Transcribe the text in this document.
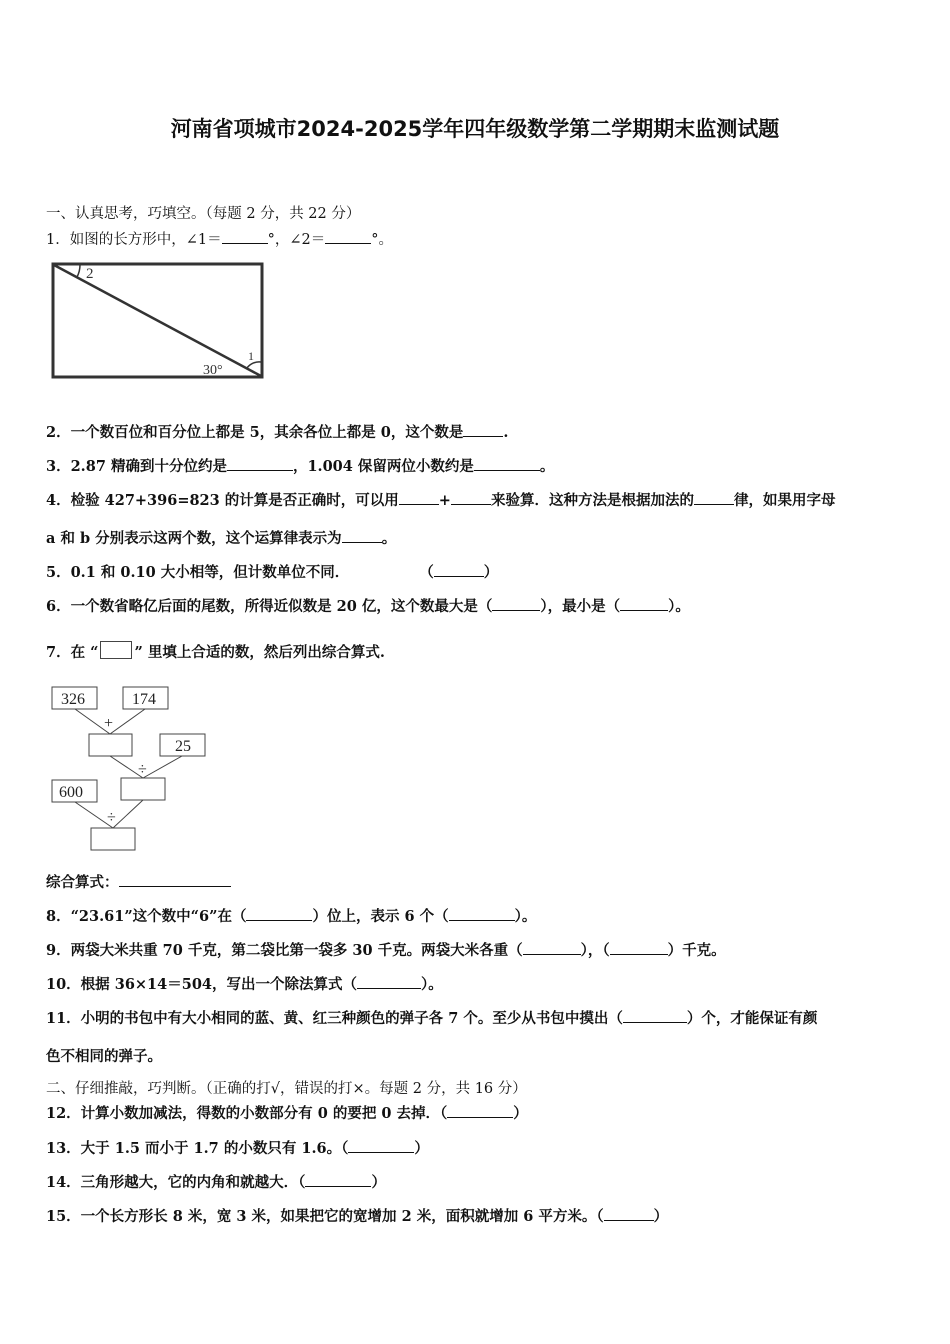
河南省项城市2024-2025学年四年级数学第二学期期末监测试题
一、认真思考，巧填空。（每题 2 分，共 22 分）
1．如图的长方形中，∠1＝	°，∠2＝	°。
2
1
30°
2．一个数百位和百分位上都是 5，其余各位上都是 0，这个数是	.
3．2.87 精确到十分位约是	，1.004 保留两位小数约是	。
4．检验 427+396=823 的计算是否正确时，可以用	+	来验算．这种方法是根据加法的	律，如果用字母
a 和 b 分别表示这两个数，这个运算律表示为	。
5．0.1 和 0.10 大小相等，但计数单位不同．	（	）
6．一个数省略亿后面的尾数，所得近似数是 20 亿，这个数最大是（	），最小是（	）。
7．在 “ ” 里填上合适的数，然后列出综合算式.
326	174
25
600
+
÷
÷
综合算式：
8．“23.61”这个数中“6”在（	）位上，表示 6 个（	）。
9．两袋大米共重 70 千克，第二袋比第一袋多 30 千克。两袋大米各重（	），（	）千克。
10．根据 36×14＝504，写出一个除法算式（	）。
11．小明的书包中有大小相同的蓝、黄、红三种颜色的弹子各 7 个。至少从书包中摸出（	）个，才能保证有颜
色不相同的弹子。
二、仔细推敲，巧判断。（正确的打√，错误的打×。每题 2 分，共 16 分）
12．计算小数加减法，得数的小数部分有 0 的要把 0 去掉．（	）
13．大于 1.5 而小于 1.7 的小数只有 1.6。（	）
14．三角形越大，它的内角和就越大．（	）
15．一个长方形长 8 米，宽 3 米，如果把它的宽增加 2 米，面积就增加 6 平方米。（	）
